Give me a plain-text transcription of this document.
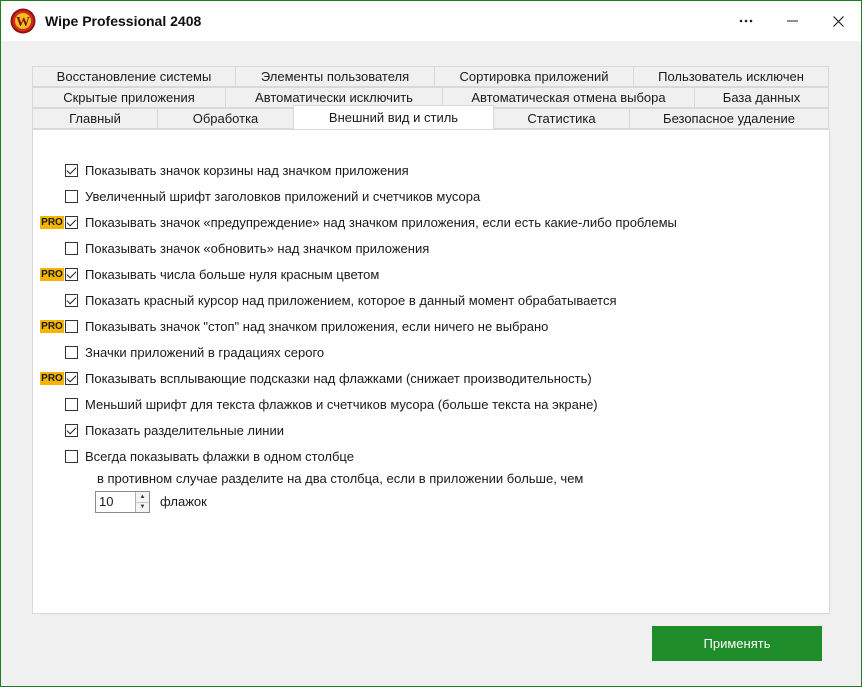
W Wipe Professional 2408
Восстановление системы	Элементы пользователя	Сортировка приложений	Пользователь исключен
Скрытые приложения	Автоматически исключить	Автоматическая отмена выбора	База данных
Главный	Обработка	Внешний вид и стиль	Статистика	Безопасное удаление
Показывать значок корзины над значком приложения
Увеличенный шрифт заголовков приложений и счетчиков мусора
PRO Показывать значок «предупреждение» над значком приложения, если есть какие-либо проблемы
Показывать значок «обновить» над значком приложения
PRO Показывать числа больше нуля красным цветом
Показать красный курсор над приложением, которое в данный момент обрабатывается
PRO Показывать значок "стоп" над значком приложения, если ничего не выбрано
Значки приложений в градациях серого
PRO Показывать всплывающие подсказки над флажками (снижает производительность)
Меньший шрифт для текста флажков и счетчиков мусора (больше текста на экране)
Показать разделительные линии
Всегда показывать флажки в одном столбце
в противном случае разделите на два столбца, если в приложении больше, чем
10	▲
▼ флажок
Применять
